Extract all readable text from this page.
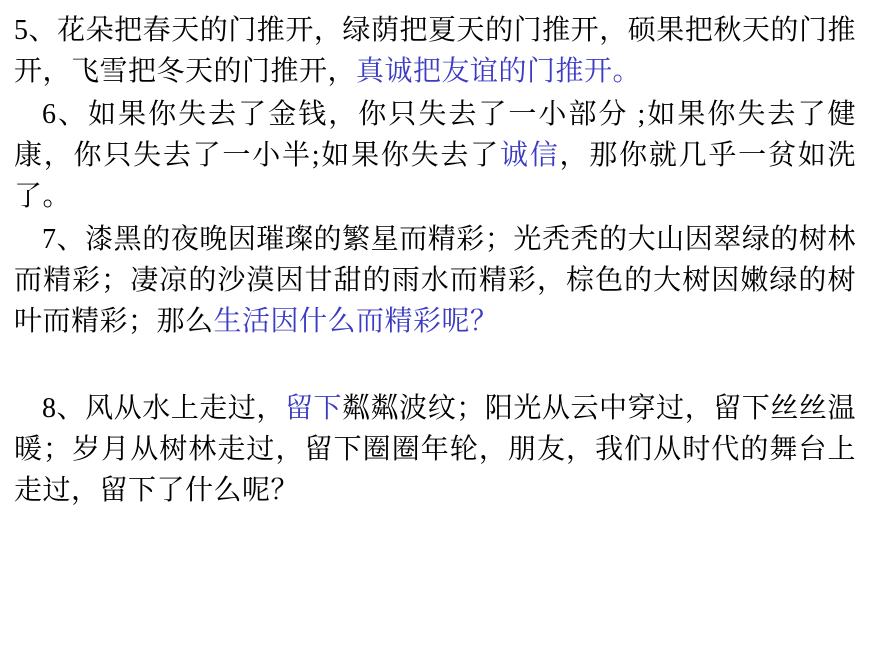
5、花朵把春天的门推开，绿荫把夏天的门推开，硕果把秋天的门推开，飞雪把冬天的门推开，真诚把友谊的门推开。

6、如果你失去了金钱，你只失去了一小部分 ;如果你失去了健康，你只失去了一小半;如果你失去了诚信，那你就几乎一贫如洗了。

7、漆黑的夜晚因璀璨的繁星而精彩；光秃秃的大山因翠绿的树林而精彩；凄凉的沙漠因甘甜的雨水而精彩，棕色的大树因嫩绿的树叶而精彩；那么生活因什么而精彩呢？

8、风从水上走过，留下粼粼波纹；阳光从云中穿过，留下丝丝温暖；岁月从树林走过，留下圈圈年轮，朋友，我们从时代的舞台上走过，留下了什么呢？
